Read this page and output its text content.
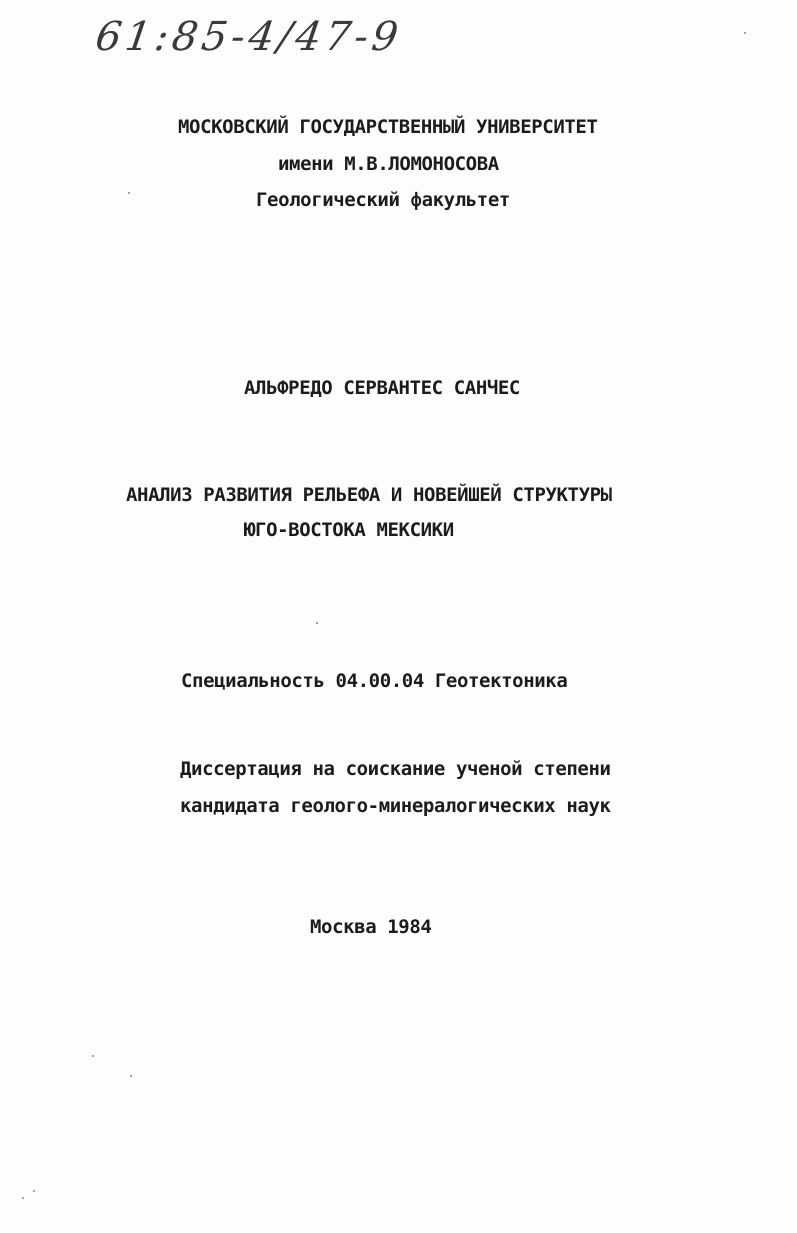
61:85-4/47-9
МОСКОВСКИЙ ГОСУДАРСТВЕННЫЙ УНИВЕРСИТЕТ
имени М.В.ЛОМОНОСОВА
Геологический факультет
АЛЬФРЕДО СЕРВАНТЕС САНЧЕС
АНАЛИЗ РАЗВИТИЯ РЕЛЬЕФА И НОВЕЙШЕЙ СТРУКТУРЫ
ЮГО-ВОСТОКА МЕКСИКИ
Специальность 04.00.04 Геотектоника
Диссертация на соискание ученой степени
кандидата геолого-минералогических наук
Москва 1984
